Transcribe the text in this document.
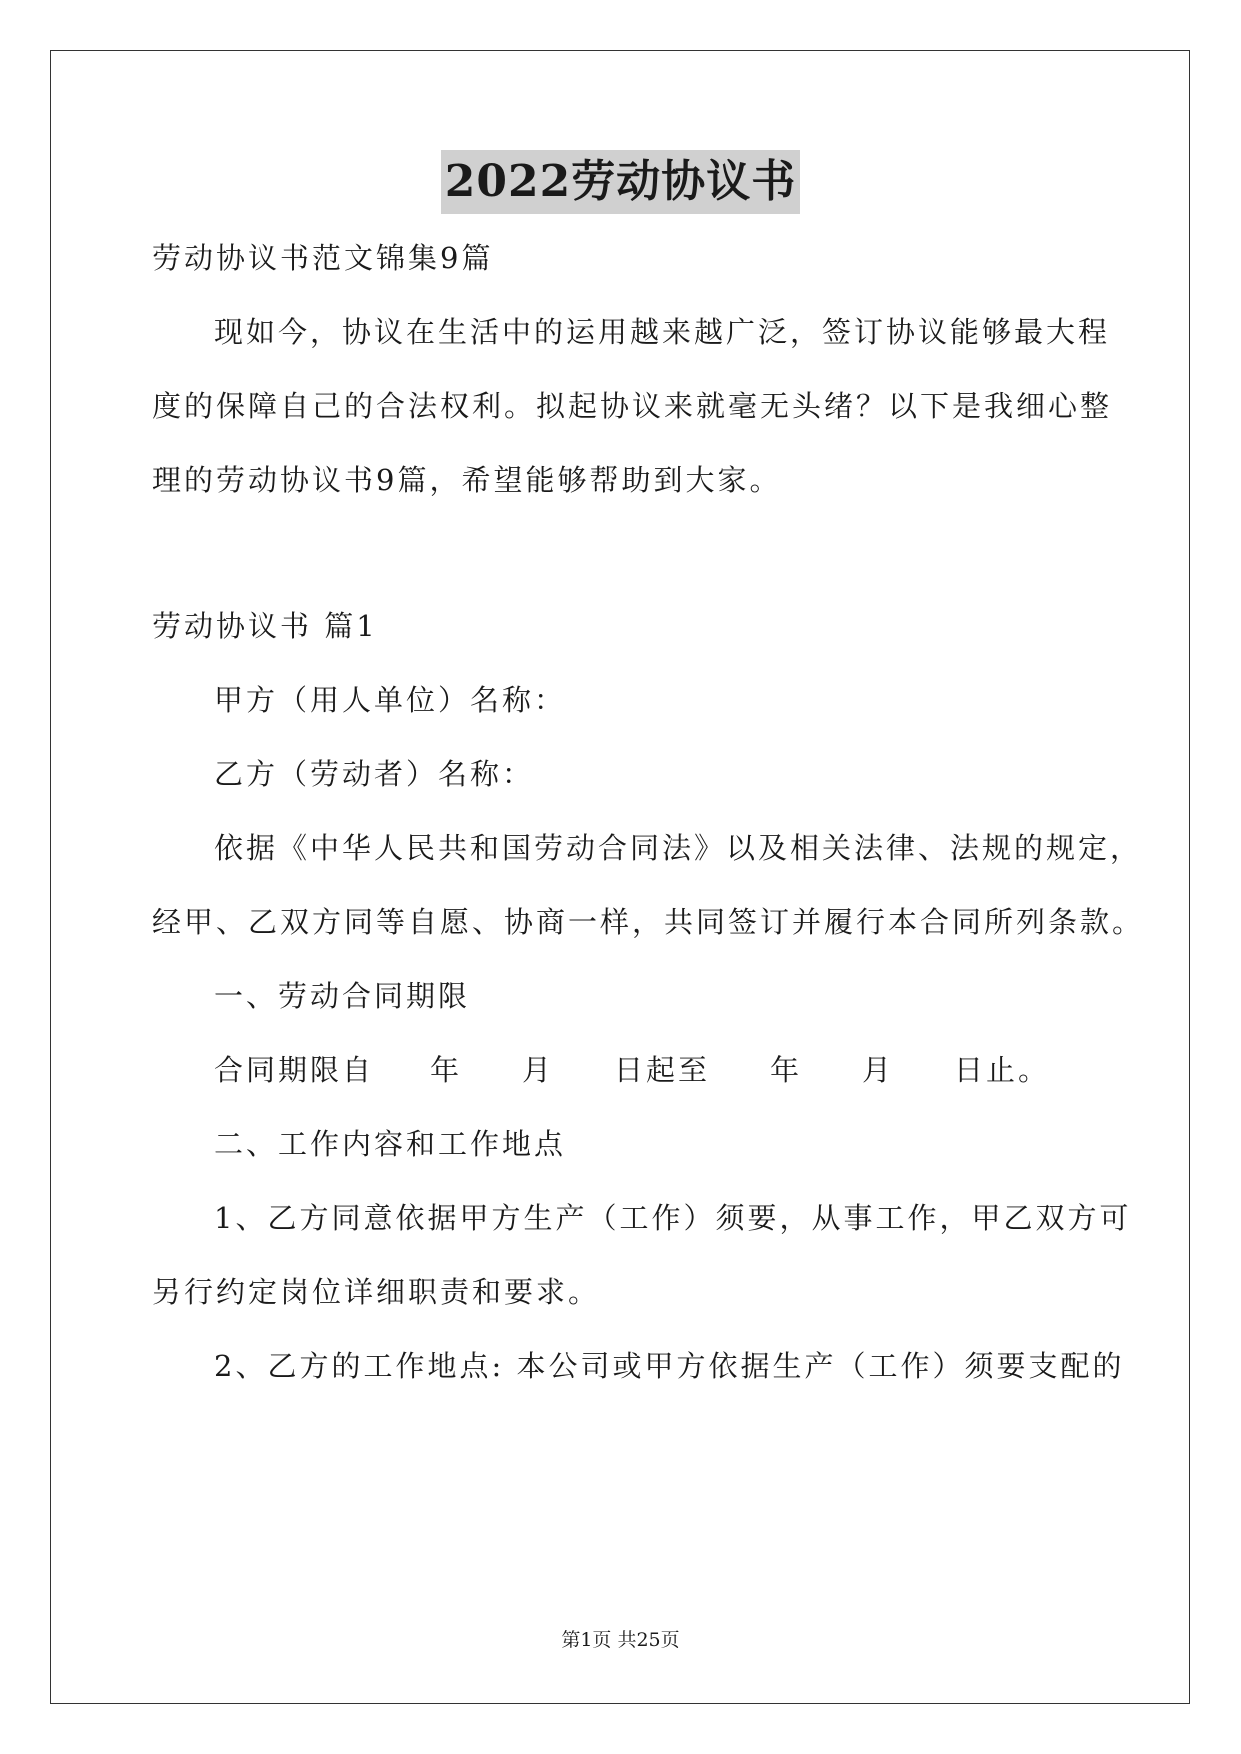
2022劳动协议书
劳动协议书范文锦集9篇
现如今，协议在生活中的运用越来越广泛，签订协议能够最大程
度的保障自己的合法权利。拟起协议来就毫无头绪？以下是我细心整
理的劳动协议书9篇，希望能够帮助到大家。
劳动协议书 篇1
甲方（用人单位）名称：
乙方（劳动者）名称：
依据《中华人民共和国劳动合同法》以及相关法律、法规的规定，
经甲、乙双方同等自愿、协商一样，共同签订并履行本合同所列条款。
一、劳动合同期限
合同期限自 年 月 日起至 年 月 日止。
二、工作内容和工作地点
1、乙方同意依据甲方生产（工作）须要，从事工作，甲乙双方可
另行约定岗位详细职责和要求。
2、乙方的工作地点: 本公司或甲方依据生产（工作）须要支配的
第1页 共25页
